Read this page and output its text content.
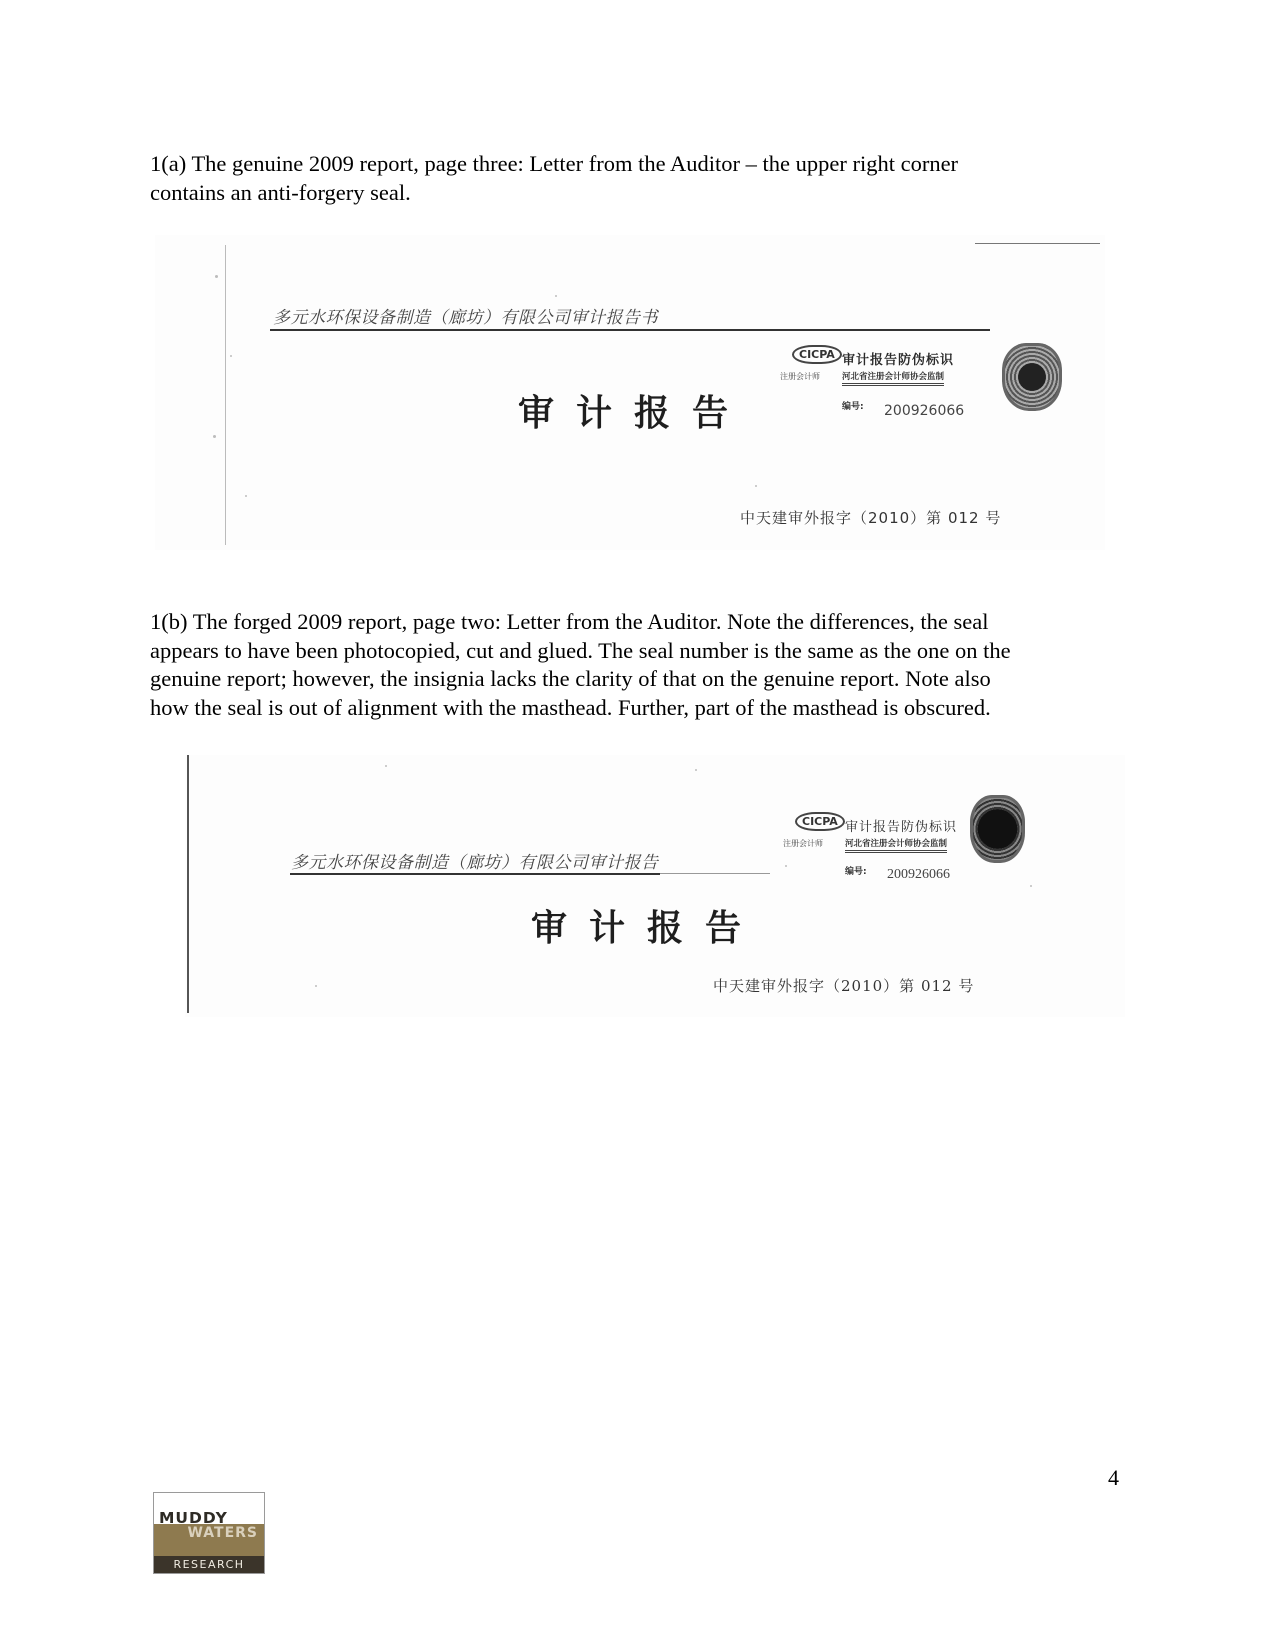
1(a) The genuine 2009 report, page three: Letter from the Auditor – the upper right corner

contains an anti-forgery seal.

多元水环保设备制造（廊坊）有限公司审计报告书
审计报告
CICPA
注册会计师
审计报告防伪标识
河北省注册会计师协会监制
编号: 200926066
中天建审外报字（2010）第 012 号

1(b) The forged 2009 report, page two: Letter from the Auditor. Note the differences, the seal

appears to have been photocopied, cut and glued. The seal number is the same as the one on the

genuine report; however, the insignia lacks the clarity of that on the genuine report. Note also

how the seal is out of alignment with the masthead. Further, part of the masthead is obscured.

多元水环保设备制造（廊坊）有限公司审计报告
审计报告
CICPA
注册会计师
审计报告防伪标识
河北省注册会计师协会监制
编号: 200926066
中天建审外报字（2010）第 012 号
4
MUDDY
WATERS
RESEARCH
